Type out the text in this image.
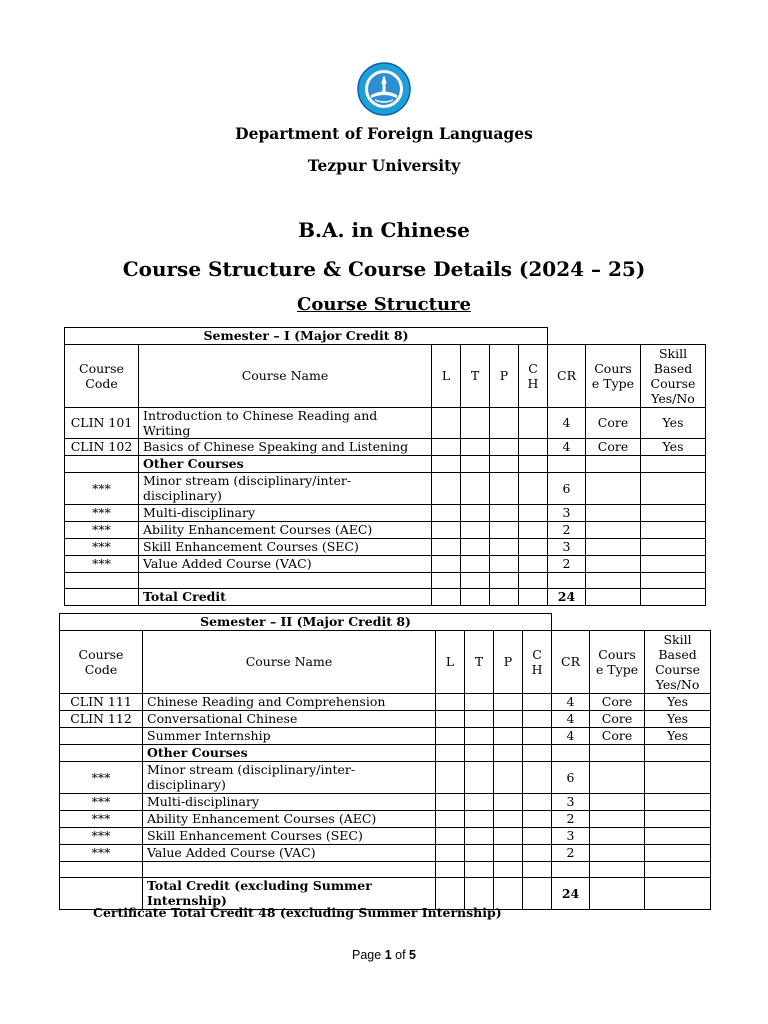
Department of Foreign Languages
Tezpur University
B.A. in Chinese
Course Structure & Course Details (2024 – 25)
Course Structure
Semester – I (Major Credit 8)								
Course Code	Course Name	L	T	P	C H	CR	Cours e Type	Skill Based Course Yes/No
CLIN 101	Introduction to Chinese Reading and Writing					4	Core	Yes
CLIN 102	Basics of Chinese Speaking and Listening					4	Core	Yes
	Other Courses							
***	Minor stream (disciplinary/inter-disciplinary)					6		
***	Multi-disciplinary					3		
***	Ability Enhancement Courses (AEC)					2		
***	Skill Enhancement Courses (SEC)					3		
***	Value Added Course (VAC)					2		

	Total Credit					24		
Semester – II (Major Credit 8)								
Course Code	Course Name	L	T	P	C H	CR	Cours e Type	Skill Based Course Yes/No
CLIN 111	Chinese Reading and Comprehension					4	Core	Yes
CLIN 112	Conversational Chinese					4	Core	Yes
	Summer Internship					4	Core	Yes
	Other Courses							
***	Minor stream (disciplinary/inter-disciplinary)					6		
***	Multi-disciplinary					3		
***	Ability Enhancement Courses (AEC)					2		
***	Skill Enhancement Courses (SEC)					3		
***	Value Added Course (VAC)					2		

	Total Credit (excluding Summer Internship)					24		
Certificate Total Credit 48 (excluding Summer Internship)
Page 1 of 5
